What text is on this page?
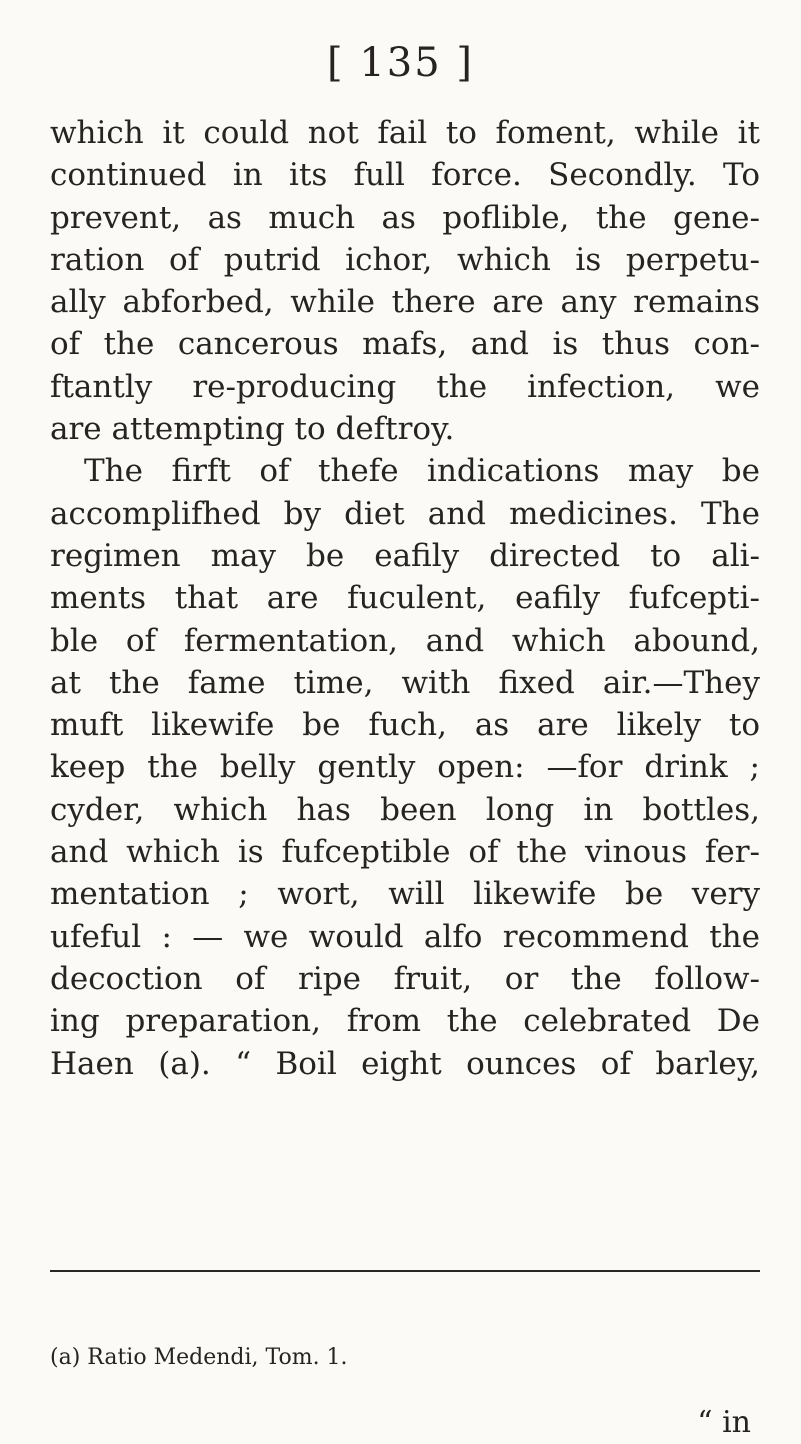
[ 135 ]
which it could not fail to foment, while it
continued in its full force. Secondly. To
prevent, as much as poflible, the gene-
ration of putrid ichor, which is perpetu-
ally abforbed, while there are any remains
of the cancerous mafs, and is thus con-
ftantly re-producing the infection, we
are attempting to deftroy.
The firft of thefe indications may be
accomplifhed by diet and medicines. The
regimen may be eafily directed to ali-
ments that are fuculent, eafily fufcepti-
ble of fermentation, and which abound,
at the fame time, with fixed air.—They
muft likewife be fuch, as are likely to
keep the belly gently open: —for drink ;
cyder, which has been long in bottles,
and which is fufceptible of the vinous fer-
mentation ; wort, will likewife be very
ufeful : — we would alfo recommend the
decoction of ripe fruit, or the follow-
ing preparation, from the celebrated De
Haen (a). “ Boil eight ounces of barley,

(a) Ratio Medendi, Tom. 1.

“ in
